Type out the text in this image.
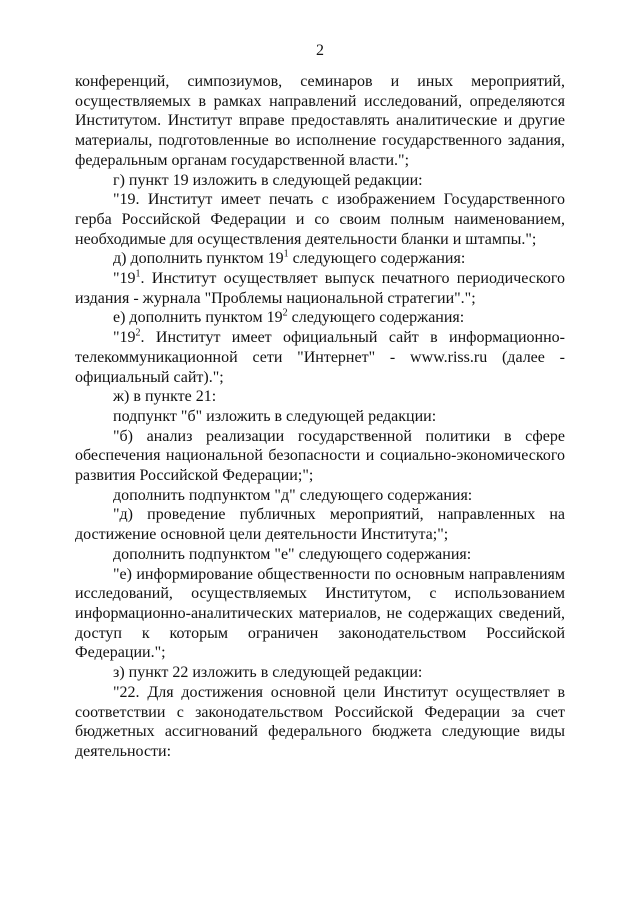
2

конференций, симпозиумов, семинаров и иных мероприятий, осуществляемых в рамках направлений исследований, определяются Институтом. Институт вправе предоставлять аналитические и другие материалы, подготовленные во исполнение государственного задания, федеральным органам государственной власти.";

г) пункт 19 изложить в следующей редакции:

"19. Институт имеет печать с изображением Государственного герба Российской Федерации и со своим полным наименованием, необходимые для осуществления деятельности бланки и штампы.";

д) дополнить пунктом $19^1$ следующего содержания:

"$19^1$. Институт осуществляет выпуск печатного периодического издания - журнала "Проблемы национальной стратегии".";

е) дополнить пунктом $19^2$ следующего содержания:

"$19^2$. Институт имеет официальный сайт в информационно-телекоммуникационной сети "Интернет" - www.riss.ru (далее - официальный сайт).";

ж) в пункте 21:

подпункт "б" изложить в следующей редакции:

"б) анализ реализации государственной политики в сфере обеспечения национальной безопасности и социально-экономического развития Российской Федерации;";

дополнить подпунктом "д" следующего содержания:

"д) проведение публичных мероприятий, направленных на достижение основной цели деятельности Института;";

дополнить подпунктом "е" следующего содержания:

"е) информирование общественности по основным направлениям исследований, осуществляемых Институтом, с использованием информационно-аналитических материалов, не содержащих сведений, доступ к которым ограничен законодательством Российской Федерации.";

з) пункт 22 изложить в следующей редакции:

"22. Для достижения основной цели Институт осуществляет в соответствии с законодательством Российской Федерации за счет бюджетных ассигнований федерального бюджета следующие виды деятельности:
